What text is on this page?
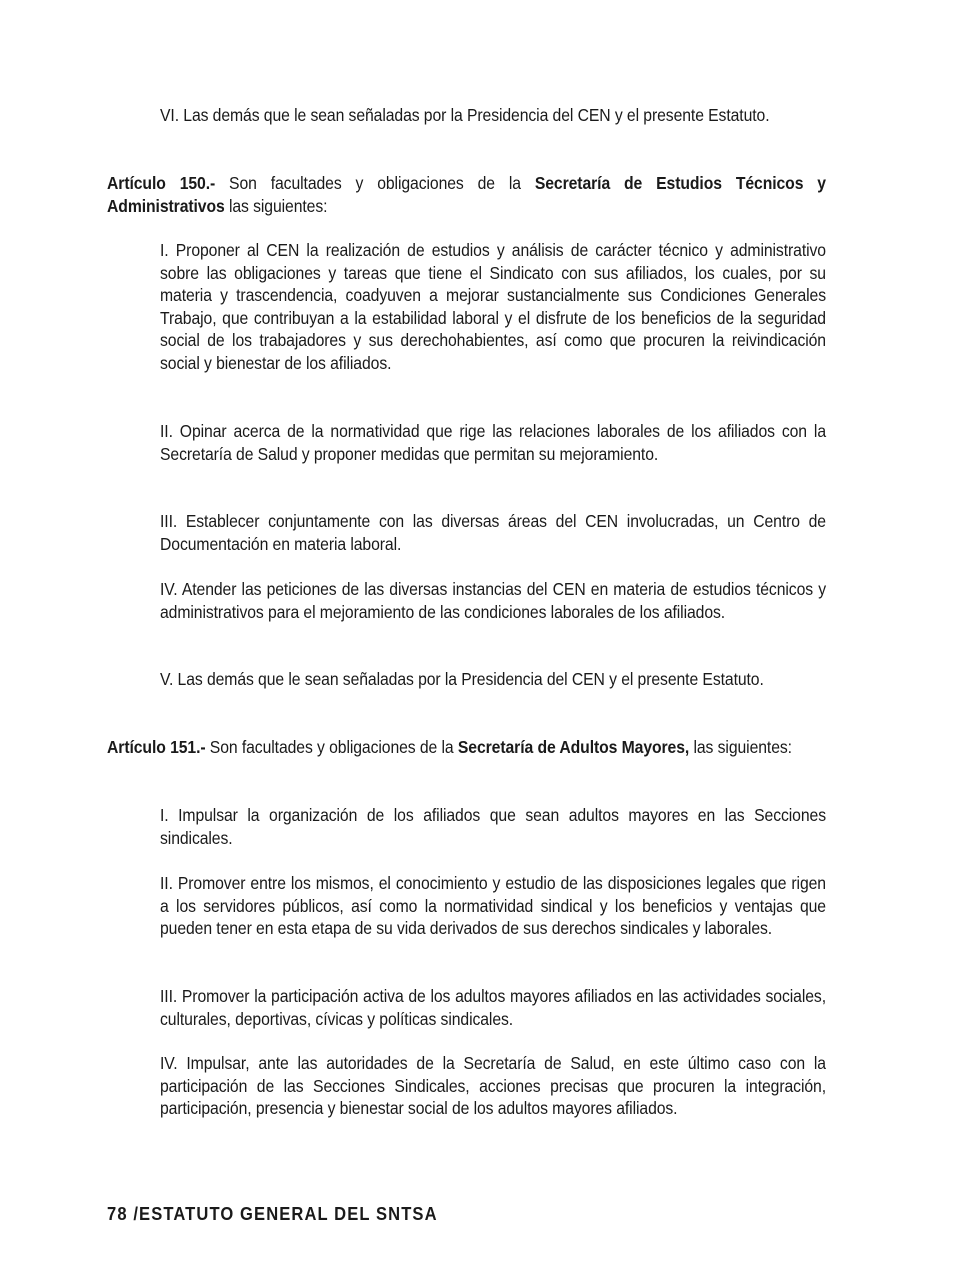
VI. Las demás que le sean señaladas por la Presidencia del CEN y el presente Estatuto.

Artículo 150.- Son facultades y obligaciones de la Secretaría de Estudios Técnicos y Administrativos las siguientes:

I. Proponer al CEN la realización de estudios y análisis de carácter técnico y administrativo sobre las obligaciones y tareas que tiene el Sindicato con sus afiliados, los cuales, por su materia y trascendencia, coadyuven a mejorar sustancialmente sus Condiciones Generales Trabajo, que contribuyan a la estabilidad laboral y el disfrute de los beneficios de la seguridad social de los trabajadores y sus derechohabientes, así como que procuren la reivindicación social y bienestar de los afiliados.

II. Opinar acerca de la normatividad que rige las relaciones laborales de los afiliados con la Secretaría de Salud y proponer medidas que permitan su mejoramiento.

III. Establecer conjuntamente con las diversas áreas del CEN involucradas, un Centro de Documentación en materia laboral.

IV. Atender las peticiones de las diversas instancias del CEN en materia de estudios técnicos y administrativos para el mejoramiento de las condiciones laborales de los afiliados.

V. Las demás que le sean señaladas por la Presidencia del CEN y el presente Estatuto.

Artículo 151.- Son facultades y obligaciones de la Secretaría de Adultos Mayores, las siguientes:

I. Impulsar la organización de los afiliados que sean adultos mayores en las Secciones sindicales.

II. Promover entre los mismos, el conocimiento y estudio de las disposiciones legales que rigen a los servidores públicos, así como la normatividad sindical y los beneficios y ventajas que pueden tener en esta etapa de su vida derivados de sus derechos sindicales y laborales.

III. Promover la participación activa de los adultos mayores afiliados en las actividades sociales, culturales, deportivas, cívicas y políticas sindicales.

IV. Impulsar, ante las autoridades de la Secretaría de Salud, en este último caso con la participación de las Secciones Sindicales, acciones precisas que procuren la integración, participación, presencia y bienestar social de los adultos mayores afiliados.

78 /ESTATUTO GENERAL DEL SNTSA
